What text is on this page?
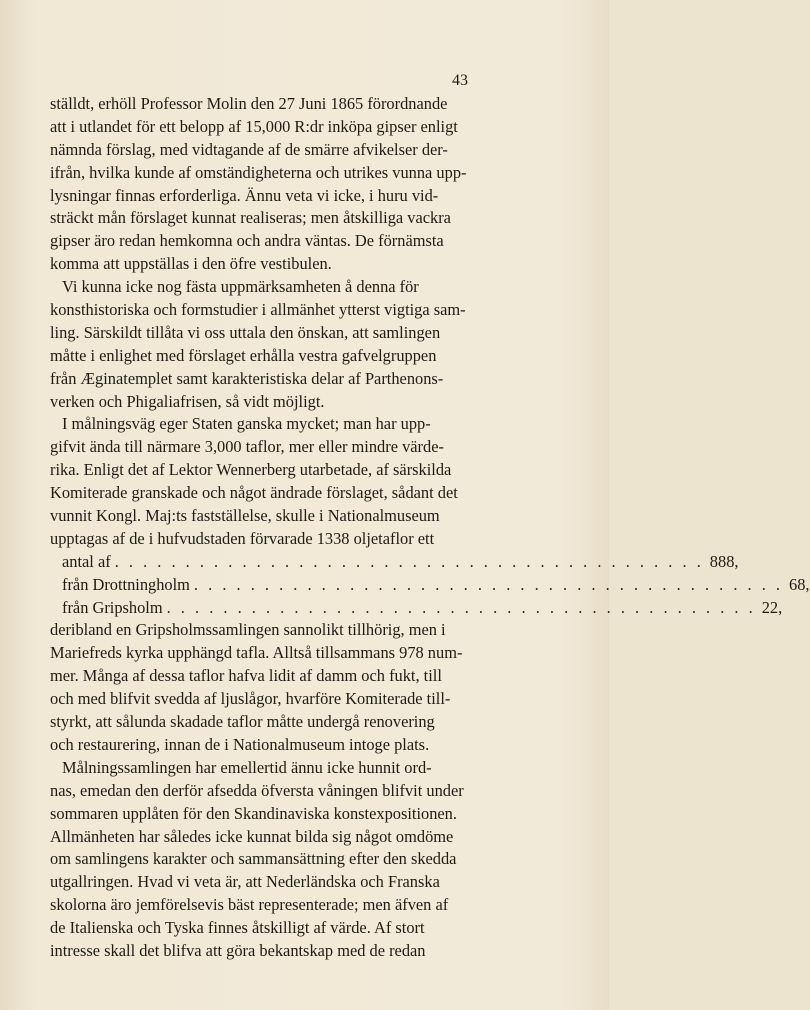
43
ställdt, erhöll Professor Molin den 27 Juni 1865 förordnande
att i utlandet för ett belopp af 15,000 R:dr inköpa gipser enligt
nämnda förslag, med vidtagande af de smärre afvikelser der-
ifrån, hvilka kunde af omständigheterna och utrikes vunna upp-
lysningar finnas erforderliga. Ännu veta vi icke, i huru vid-
sträckt mån förslaget kunnat realiseras; men åtskilliga vackra
gipser äro redan hemkomna och andra väntas. De förnämsta
komma att uppställas i den öfre vestibulen.
Vi kunna icke nog fästa uppmärksamheten å denna för
konsthistoriska och formstudier i allmänhet ytterst vigtiga sam-
ling. Särskildt tillåta vi oss uttala den önskan, att samlingen
måtte i enlighet med förslaget erhålla vestra gafvelgruppen
från Æginatemplet samt karakteristiska delar af Parthenons-
verken och Phigaliafrisen, så vidt möjligt.
I målningsväg eger Staten ganska mycket; man har upp-
gifvit ända till närmare 3,000 taflor, mer eller mindre värde-
rika. Enligt det af Lektor Wennerberg utarbetade, af särskilda
Komiterade granskade och något ändrade förslaget, sådant det
vunnit Kongl. Maj:ts fastställelse, skulle i Nationalmuseum
upptagas af de i hufvudstaden förvarade 1338 oljetaflor ett
antal af . . . . . . . . . . . . . . . . . . . . . . . . . . . . . . . . . . . . . . . . . . 888,
från Drottningholm . . . . . . . . . . . . . . . . . . . . . . . . . . . . . . . . . . . . . . . . . . 68,
från Gripsholm . . . . . . . . . . . . . . . . . . . . . . . . . . . . . . . . . . . . . . . . . . 22,
deribland en Gripsholmssamlingen sannolikt tillhörig, men i
Mariefreds kyrka upphängd tafla. Alltså tillsammans 978 num-
mer. Många af dessa taflor hafva lidit af damm och fukt, till
och med blifvit svedda af ljuslågor, hvarföre Komiterade till-
styrkt, att sålunda skadade taflor måtte undergå renovering
och restaurering, innan de i Nationalmuseum intoge plats.
Målningssamlingen har emellertid ännu icke hunnit ord-
nas, emedan den derför afsedda öfversta våningen blifvit under
sommaren upplåten för den Skandinaviska konstexpositionen.
Allmänheten har således icke kunnat bilda sig något omdöme
om samlingens karakter och sammansättning efter den skedda
utgallringen. Hvad vi veta är, att Nederländska och Franska
skolorna äro jemförelsevis bäst representerade; men äfven af
de Italienska och Tyska finnes åtskilligt af värde. Af stort
intresse skall det blifva att göra bekantskap med de redan
